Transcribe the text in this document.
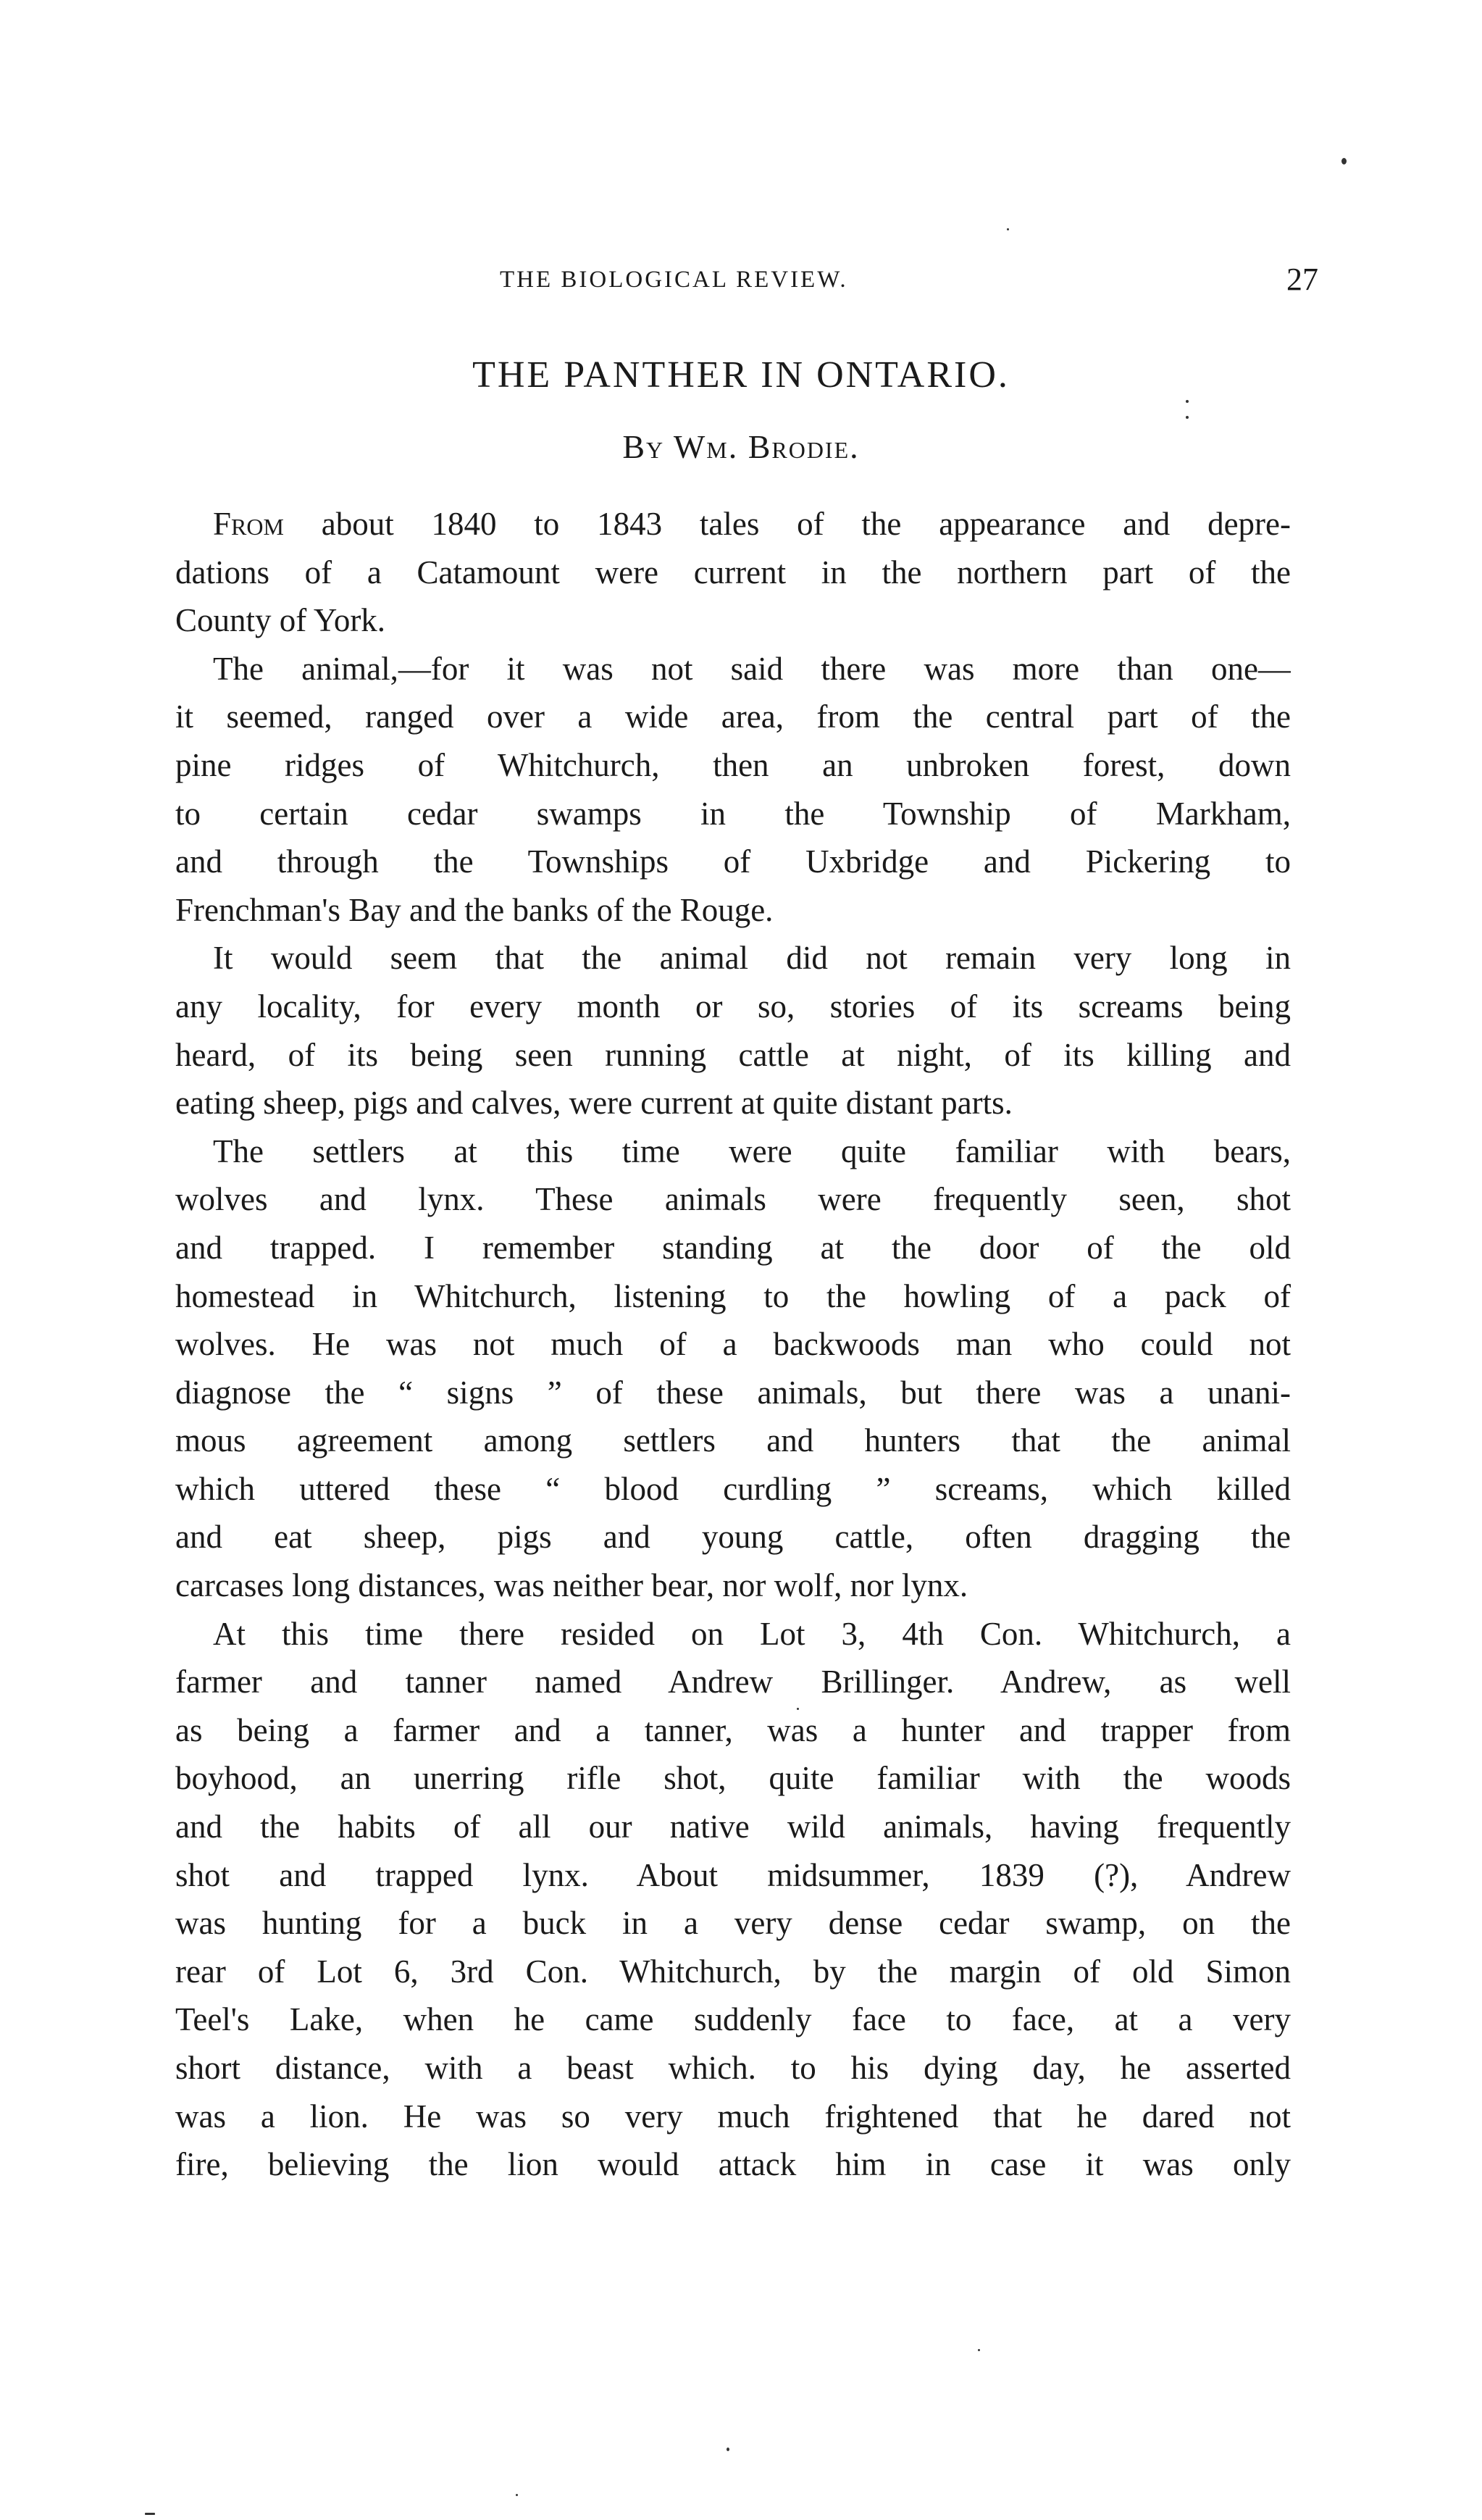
THE BIOLOGICAL REVIEW.	27
THE PANTHER IN ONTARIO.
By Wm. Brodie.
From about 1840 to 1843 tales of the appearance and depre-
dations of a Catamount were current in the northern part of the
County of York.
The animal,—for it was not said there was more than one—
it seemed, ranged over a wide area, from the central part of the
pine ridges of Whitchurch, then an unbroken forest, down
to certain cedar swamps in the Township of Markham,
and through the Townships of Uxbridge and Pickering to
Frenchman's Bay and the banks of the Rouge.
It would seem that the animal did not remain very long in
any locality, for every month or so, stories of its screams being
heard, of its being seen running cattle at night, of its killing and
eating sheep, pigs and calves, were current at quite distant parts.
The settlers at this time were quite familiar with bears,
wolves and lynx. These animals were frequently seen, shot
and trapped. I remember standing at the door of the old
homestead in Whitchurch, listening to the howling of a pack of
wolves. He was not much of a backwoods man who could not
diagnose the “ signs ” of these animals, but there was a unani-
mous agreement among settlers and hunters that the animal
which uttered these “ blood curdling ” screams, which killed
and eat sheep, pigs and young cattle, often dragging the
carcases long distances, was neither bear, nor wolf, nor lynx.
At this time there resided on Lot 3, 4th Con. Whitchurch, a
farmer and tanner named Andrew Brillinger. Andrew, as well
as being a farmer and a tanner, was a hunter and trapper from
boyhood, an unerring rifle shot, quite familiar with the woods
and the habits of all our native wild animals, having frequently
shot and trapped lynx. About midsummer, 1839 (?), Andrew
was hunting for a buck in a very dense cedar swamp, on the
rear of Lot 6, 3rd Con. Whitchurch, by the margin of old Simon
Teel's Lake, when he came suddenly face to face, at a very
short distance, with a beast which. to his dying day, he asserted
was a lion. He was so very much frightened that he dared not
fire, believing the lion would attack him in case it was only
